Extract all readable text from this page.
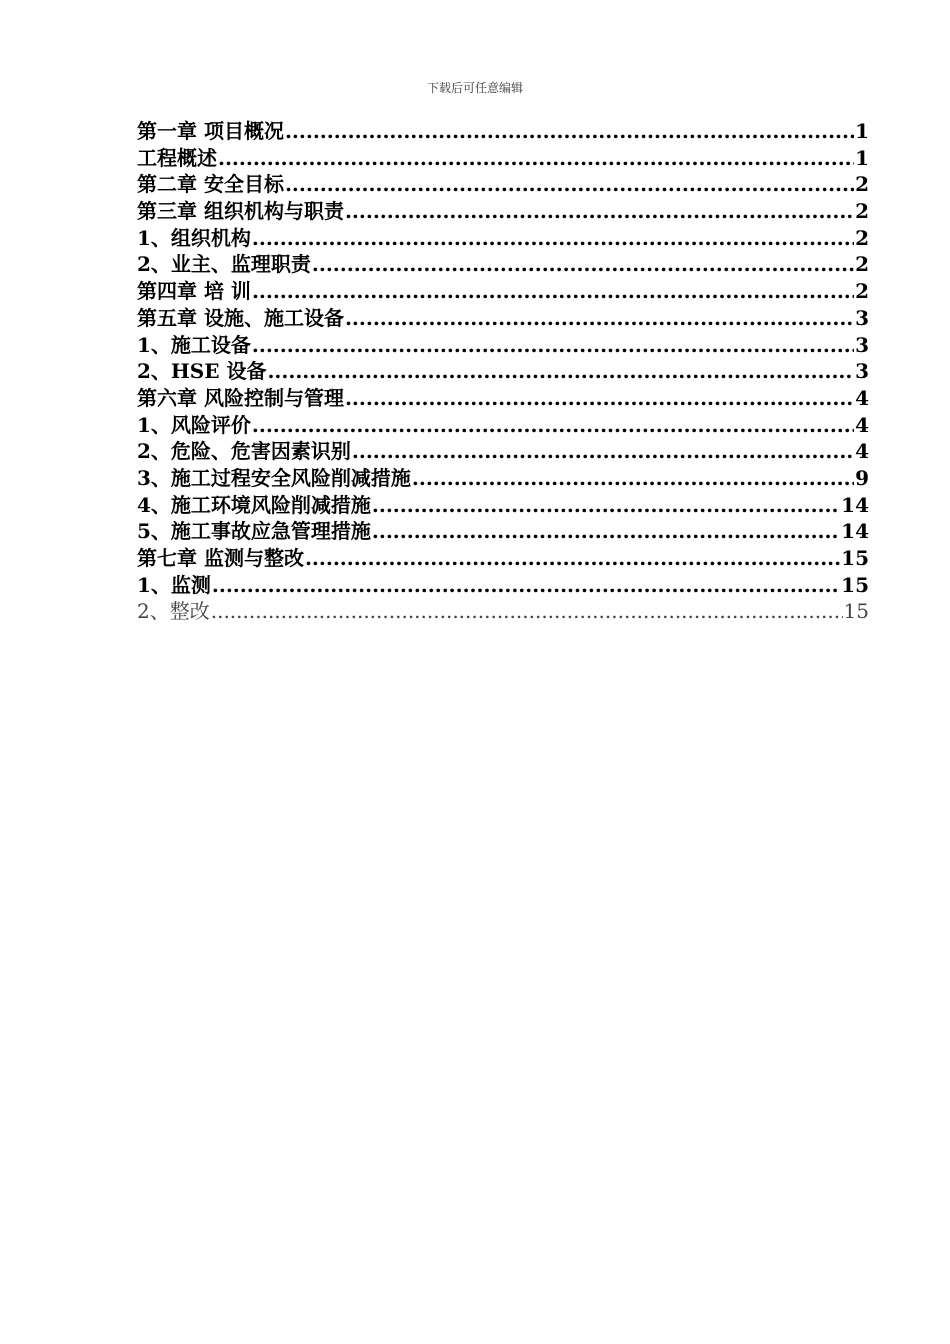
下载后可任意编辑
第一章 项目概况 .....	1
工程概述 .....	1
第二章 安全目标 .....	2
第三章 组织机构与职责 .....	2
1、组织机构 .....	2
2、业主、监理职责 .....	2
第四章 培 训 .....	2
第五章 设施、施工设备 .....	3
1、施工设备 .....	3
2、HSE 设备 .....	3
第六章 风险控制与管理 .....	4
1、风险评价 .....	4
2、危险、危害因素识别 .....	4
3、施工过程安全风险削减措施 .....	9
4、施工环境风险削减措施 .....	14
5、施工事故应急管理措施 .....	14
第七章 监测与整改 .....	15
1、监测 .....	15
2、整改 .....	15
